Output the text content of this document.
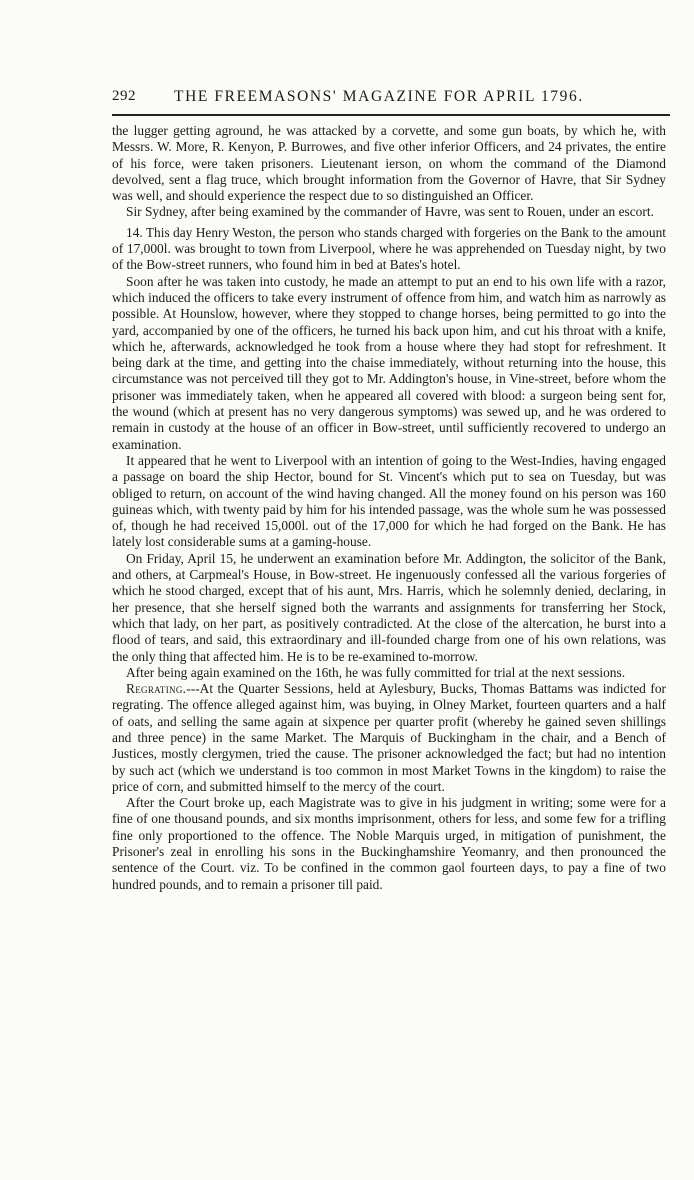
292 THE FREEMASONS' MAGAZINE FOR APRIL 1796.

the lugger getting aground, he was attacked by a corvette, and some gun boats, by which he, with Messrs. W. More, R. Kenyon, P. Burrowes, and five other inferior Officers, and 24 privates, the entire of his force, were taken prisoners. Lieutenant ierson, on whom the command of the Diamond devolved, sent a flag truce, which brought information from the Governor of Havre, that Sir Sydney was well, and should experience the respect due to so distinguished an Officer.

Sir Sydney, after being examined by the commander of Havre, was sent to Rouen, under an escort.

14. This day Henry Weston, the person who stands charged with forgeries on the Bank to the amount of 17,000l. was brought to town from Liverpool, where he was apprehended on Tuesday night, by two of the Bow-street runners, who found him in bed at Bates's hotel.

Soon after he was taken into custody, he made an attempt to put an end to his own life with a razor, which induced the officers to take every instrument of offence from him, and watch him as narrowly as possible. At Hounslow, however, where they stopped to change horses, being permitted to go into the yard, accompanied by one of the officers, he turned his back upon him, and cut his throat with a knife, which he, afterwards, acknowledged he took from a house where they had stopt for refreshment. It being dark at the time, and getting into the chaise immediately, without returning into the house, this circumstance was not perceived till they got to Mr. Addington's house, in Vine-street, before whom the prisoner was immediately taken, when he appeared all covered with blood: a surgeon being sent for, the wound (which at present has no very dangerous symptoms) was sewed up, and he was ordered to remain in custody at the house of an officer in Bow-street, until sufficiently recovered to undergo an examination.

It appeared that he went to Liverpool with an intention of going to the West-Indies, having engaged a passage on board the ship Hector, bound for St. Vincent's which put to sea on Tuesday, but was obliged to return, on account of the wind having changed. All the money found on his person was 160 guineas which, with twenty paid by him for his intended passage, was the whole sum he was possessed of, though he had received 15,000l. out of the 17,000 for which he had forged on the Bank. He has lately lost considerable sums at a gaming-house.

On Friday, April 15, he underwent an examination before Mr. Addington, the solicitor of the Bank, and others, at Carpmeal's House, in Bow-street. He ingenuously confessed all the various forgeries of which he stood charged, except that of his aunt, Mrs. Harris, which he solemnly denied, declaring, in her presence, that she herself signed both the warrants and assignments for transferring her Stock, which that lady, on her part, as positively contradicted. At the close of the altercation, he burst into a flood of tears, and said, this extraordinary and ill-founded charge from one of his own relations, was the only thing that affected him. He is to be re-examined to-morrow.

After being again examined on the 16th, he was fully committed for trial at the next sessions.

Regrating.---At the Quarter Sessions, held at Aylesbury, Bucks, Thomas Battams was indicted for regrating. The offence alleged against him, was buying, in Olney Market, fourteen quarters and a half of oats, and selling the same again at sixpence per quarter profit (whereby he gained seven shillings and three pence) in the same Market. The Marquis of Buckingham in the chair, and a Bench of Justices, mostly clergymen, tried the cause. The prisoner acknowledged the fact; but had no intention by such act (which we understand is too common in most Market Towns in the kingdom) to raise the price of corn, and submitted himself to the mercy of the court.

After the Court broke up, each Magistrate was to give in his judgment in writing; some were for a fine of one thousand pounds, and six months imprisonment, others for less, and some few for a trifling fine only proportioned to the offence. The Noble Marquis urged, in mitigation of punishment, the Prisoner's zeal in enrolling his sons in the Buckinghamshire Yeomanry, and then pronounced the sentence of the Court. viz. To be confined in the common gaol fourteen days, to pay a fine of two hundred pounds, and to remain a prisoner till paid.
